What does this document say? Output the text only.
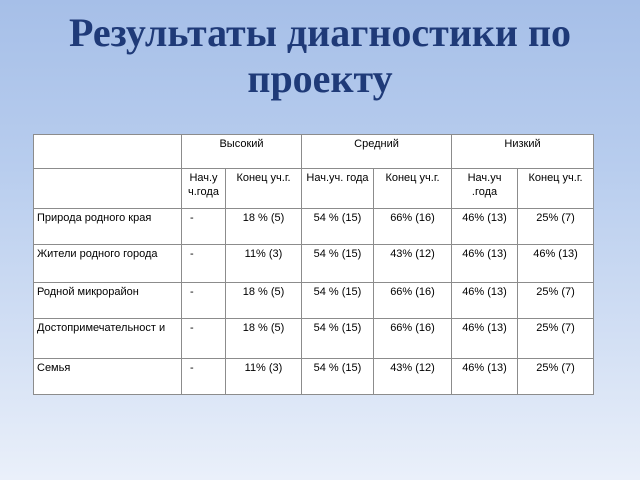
Результаты диагностики по
проекту
	Высокий		Средний		Низкий	
	Нач.у ч.года	Конец уч.г.	Нач.уч. года	Конец уч.г.	Нач.уч .года	Конец уч.г.
Природа родного края	-	18 % (5)	54 % (15)	66% (16)	46% (13)	25% (7)
Жители родного города	-	11% (3)	54 % (15)	43% (12)	46% (13)	46% (13)
Родной микрорайон	-	18 % (5)	54 % (15)	66% (16)	46% (13)	25% (7)
Достопримечательност и	-	18 % (5)	54 % (15)	66% (16)	46% (13)	25% (7)
Семья	-	11% (3)	54 % (15)	43% (12)	46% (13)	25% (7)
